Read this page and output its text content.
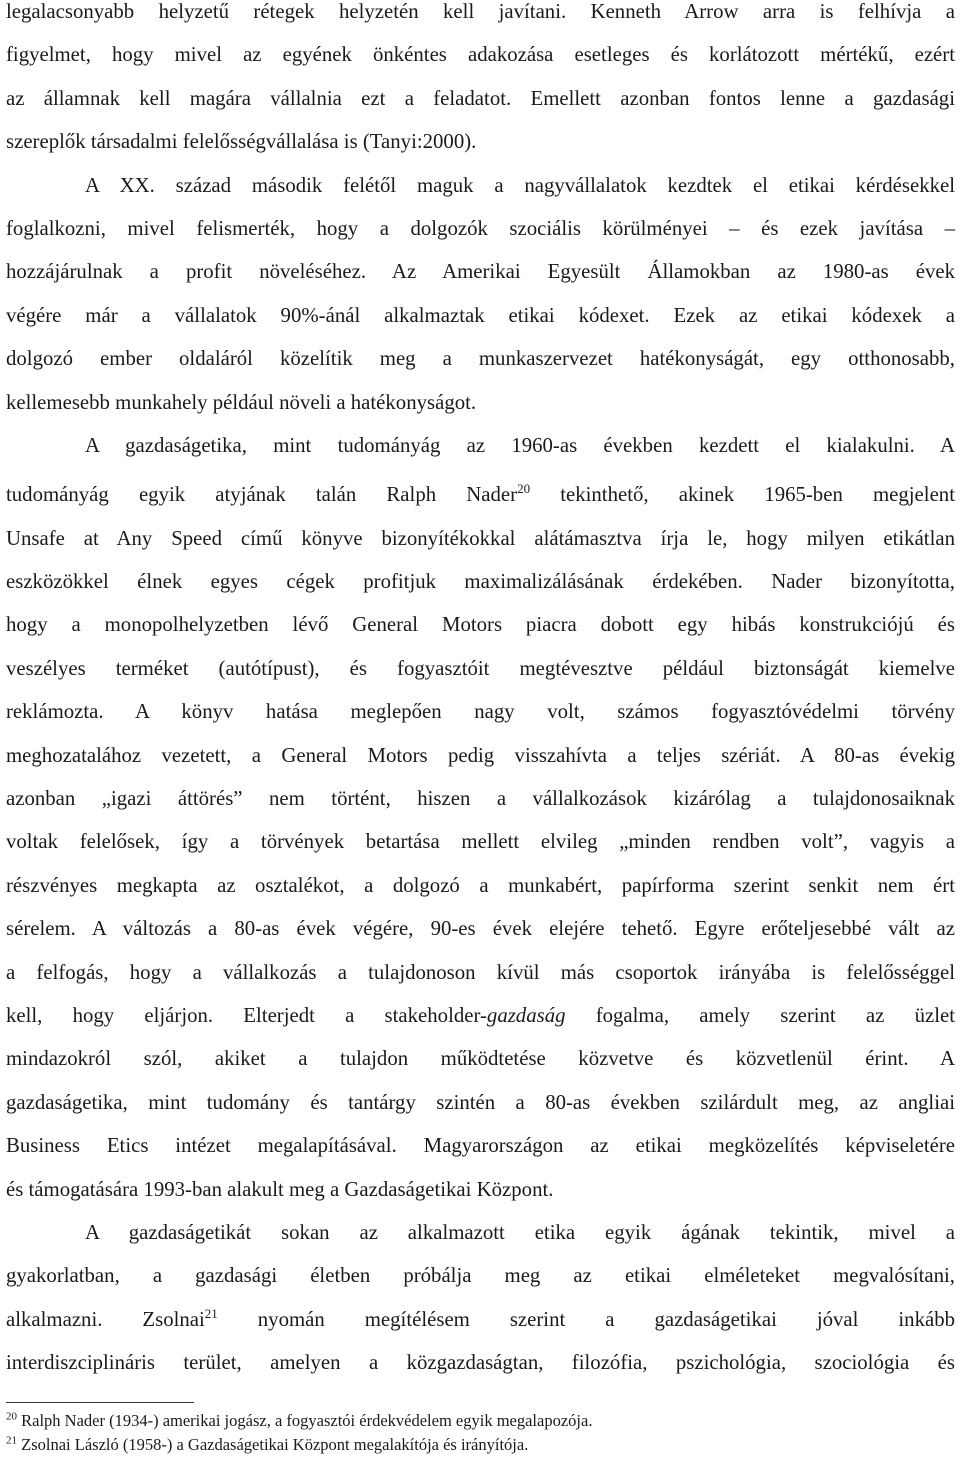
legalacsonyabb helyzetű rétegek helyzetén kell javítani. Kenneth Arrow arra is felhívja a
figyelmet, hogy mivel az egyének önkéntes adakozása esetleges és korlátozott mértékű, ezért
az államnak kell magára vállalnia ezt a feladatot. Emellett azonban fontos lenne a gazdasági
szereplők társadalmi felelősségvállalása is (Tanyi:2000).
A XX. század második felétől maguk a nagyvállalatok kezdtek el etikai kérdésekkel
foglalkozni, mivel felismerték, hogy a dolgozók szociális körülményei – és ezek javítása –
hozzájárulnak a profit növeléséhez. Az Amerikai Egyesült Államokban az 1980-as évek
végére már a vállalatok 90%-ánál alkalmaztak etikai kódexet. Ezek az etikai kódexek a
dolgozó ember oldaláról közelítik meg a munkaszervezet hatékonyságát, egy otthonosabb,
kellemesebb munkahely például növeli a hatékonyságot.
A gazdaságetika, mint tudományág az 1960-as években kezdett el kialakulni. A
tudományág egyik atyjának talán Ralph Nader$^{20}$ tekinthető, akinek 1965-ben megjelent
Unsafe at Any Speed című könyve bizonyítékokkal alátámasztva írja le, hogy milyen etikátlan
eszközökkel élnek egyes cégek profitjuk maximalizálásának érdekében. Nader bizonyította,
hogy a monopolhelyzetben lévő General Motors piacra dobott egy hibás konstrukciójú és
veszélyes terméket (autótípust), és fogyasztóit megtévesztve például biztonságát kiemelve
reklámozta. A könyv hatása meglepően nagy volt, számos fogyasztóvédelmi törvény
meghozatalához vezetett, a General Motors pedig visszahívta a teljes szériát. A 80-as évekig
azonban „igazi áttörés” nem történt, hiszen a vállalkozások kizárólag a tulajdonosaiknak
voltak felelősek, így a törvények betartása mellett elvileg „minden rendben volt”, vagyis a
részvényes megkapta az osztalékot, a dolgozó a munkabért, papírforma szerint senkit nem ért
sérelem. A változás a 80-as évek végére, 90-es évek elejére tehető. Egyre erőteljesebbé vált az
a felfogás, hogy a vállalkozás a tulajdonoson kívül más csoportok irányába is felelősséggel
kell, hogy eljárjon. Elterjedt a stakeholder-gazdaság fogalma, amely szerint az üzlet
mindazokról szól, akiket a tulajdon működtetése közvetve és közvetlenül érint. A
gazdaságetika, mint tudomány és tantárgy szintén a 80-as években szilárdult meg, az angliai
Business Etics intézet megalapításával. Magyarországon az etikai megközelítés képviseletére
és támogatására 1993-ban alakult meg a Gazdaságetikai Központ.
A gazdaságetikát sokan az alkalmazott etika egyik ágának tekintik, mivel a
gyakorlatban, a gazdasági életben próbálja meg az etikai elméleteket megvalósítani,
alkalmazni. Zsolnai$^{21}$ nyomán megítélésem szerint a gazdaságetikai jóval inkább
interdiszciplináris terület, amelyen a közgazdaságtan, filozófia, pszichológia, szociológia és
$^{20}$ Ralph Nader (1934-) amerikai jogász, a fogyasztói érdekvédelem egyik megalapozója.
$^{21}$ Zsolnai László (1958-) a Gazdaságetikai Központ megalakítója és irányítója.
